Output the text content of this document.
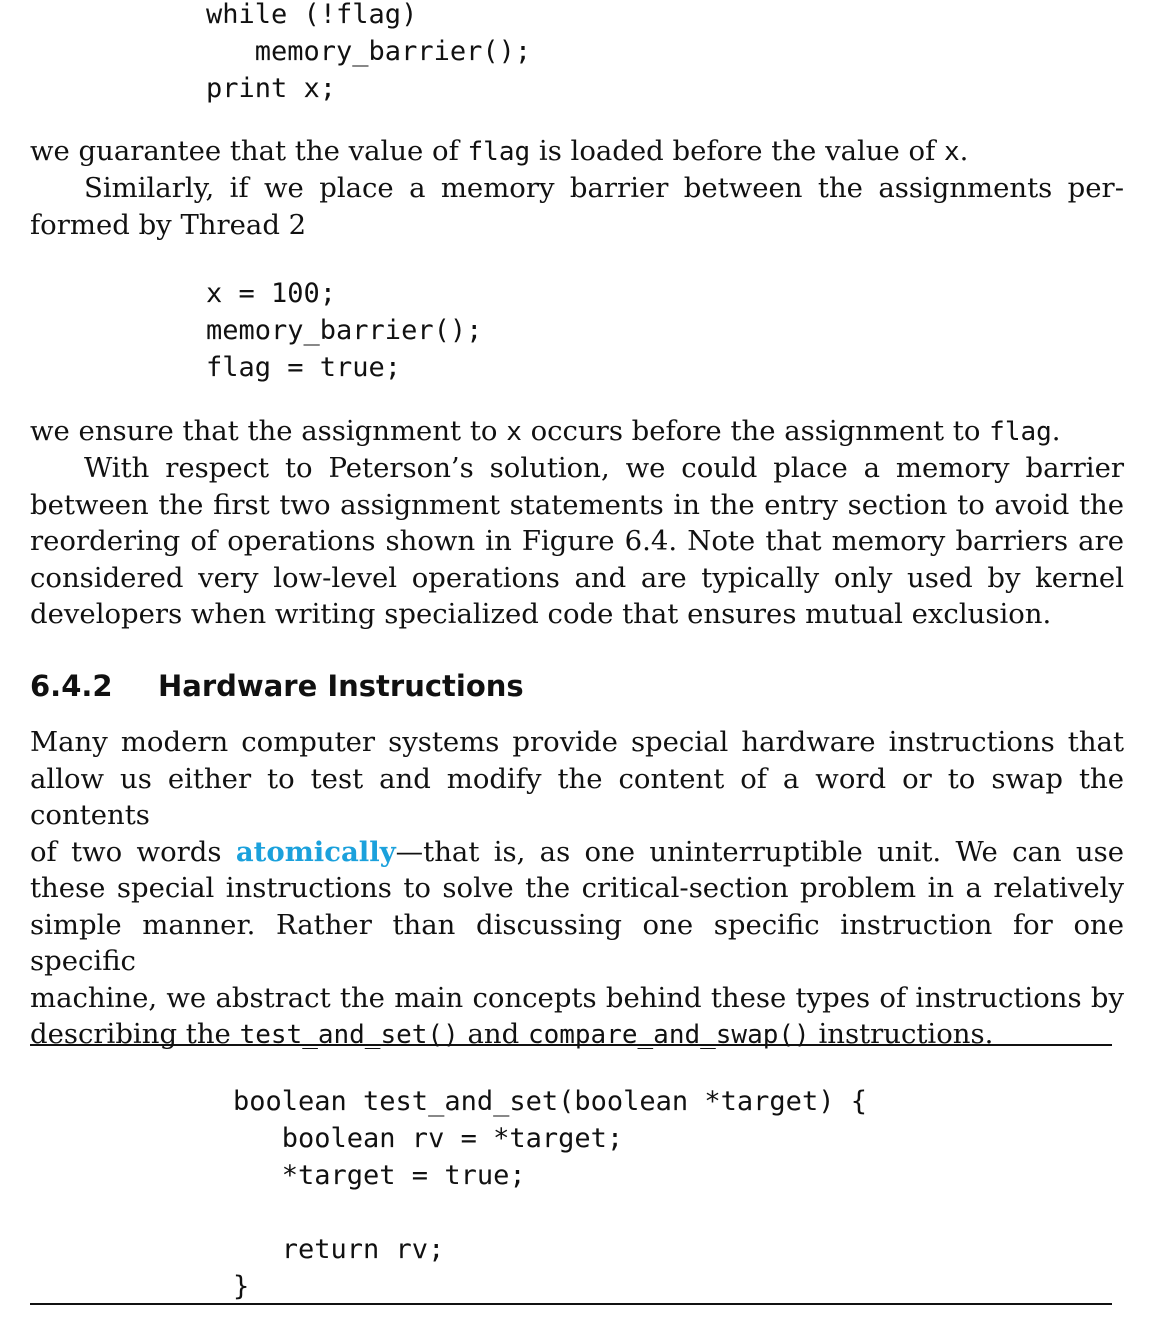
while (!flag)
memory_barrier();
print x;

we guarantee that the value of flag is loaded before the value of x.

Similarly, if we place a memory barrier between the assignments per-
formed by Thread 2

x = 100;
memory_barrier();
flag = true;

we ensure that the assignment to x occurs before the assignment to flag.

With respect to Peterson’s solution, we could place a memory barrier
between the first two assignment statements in the entry section to avoid the
reordering of operations shown in Figure 6.4. Note that memory barriers are
considered very low-level operations and are typically only used by kernel
developers when writing specialized code that ensures mutual exclusion.

6.4.2 Hardware Instructions

Many modern computer systems provide special hardware instructions that
allow us either to test and modify the content of a word or to swap the contents
of two words atomically—that is, as one uninterruptible unit. We can use
these special instructions to solve the critical-section problem in a relatively
simple manner. Rather than discussing one specific instruction for one specific
machine, we abstract the main concepts behind these types of instructions by
describing the test_and_set() and compare_and_swap() instructions.

boolean test_and_set(boolean *target) {
boolean rv = *target;
*target = true;

return rv;
}
